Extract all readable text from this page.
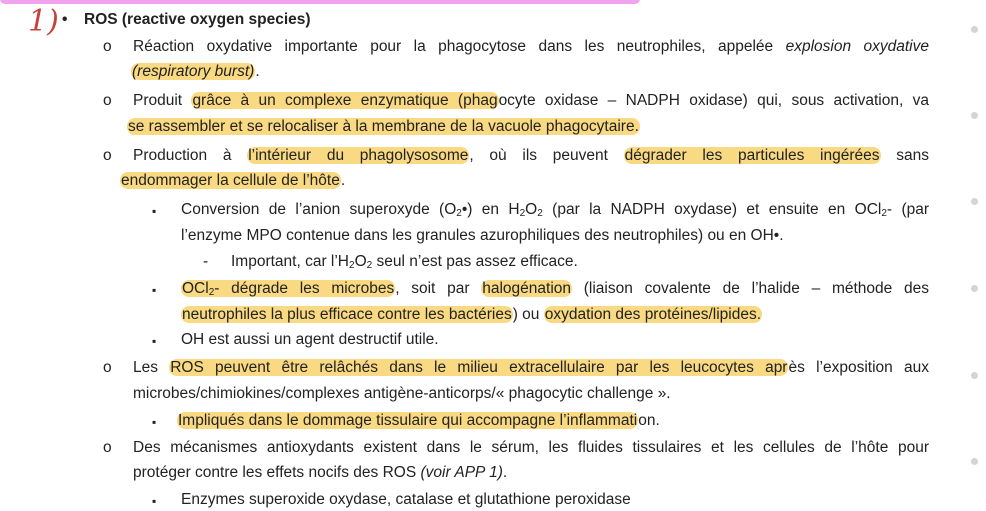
1) • ROS (reactive oxygen species)
o Réaction oxydative importante pour la phagocytose dans les neutrophiles, appelée explosion oxydative
(respiratory burst).
o Produit grâce à un complexe enzymatique (phagocyte oxidase – NADPH oxidase) qui, sous activation, va
se rassembler et se relocaliser à la membrane de la vacuole phagocytaire.
o Production à l’intérieur du phagolysosome, où ils peuvent dégrader les particules ingérées sans
endommager la cellule de l’hôte.
▪ Conversion de l’anion superoxyde $(O_2•)$ en $H_2O_2$ (par la NADPH oxydase) et ensuite en OCl$_2$- (par
l’enzyme MPO contenue dans les granules azurophiliques des neutrophiles) ou en OH•.
- Important, car $l’H_2O_2$ seul n’est pas assez efficace.
▪ OCl$_2$- dégrade les microbes, soit par halogénation (liaison covalente de l’halide – méthode des
neutrophiles la plus efficace contre les bactéries) ou oxydation des protéines/lipides.
▪ OH est aussi un agent destructif utile.
o Les ROS peuvent être relâchés dans le milieu extracellulaire par les leucocytes après l’exposition aux
microbes/chimiokines/complexes antigène-anticorps/« phagocytic challenge ».
▪ Impliqués dans le dommage tissulaire qui accompagne l’inflammation.
o Des mécanismes antioxydants existent dans le sérum, les fluides tissulaires et les cellules de l’hôte pour
protéger contre les effets nocifs des ROS (voir APP 1).
▪ Enzymes superoxide oxydase, catalase et glutathione peroxidase
